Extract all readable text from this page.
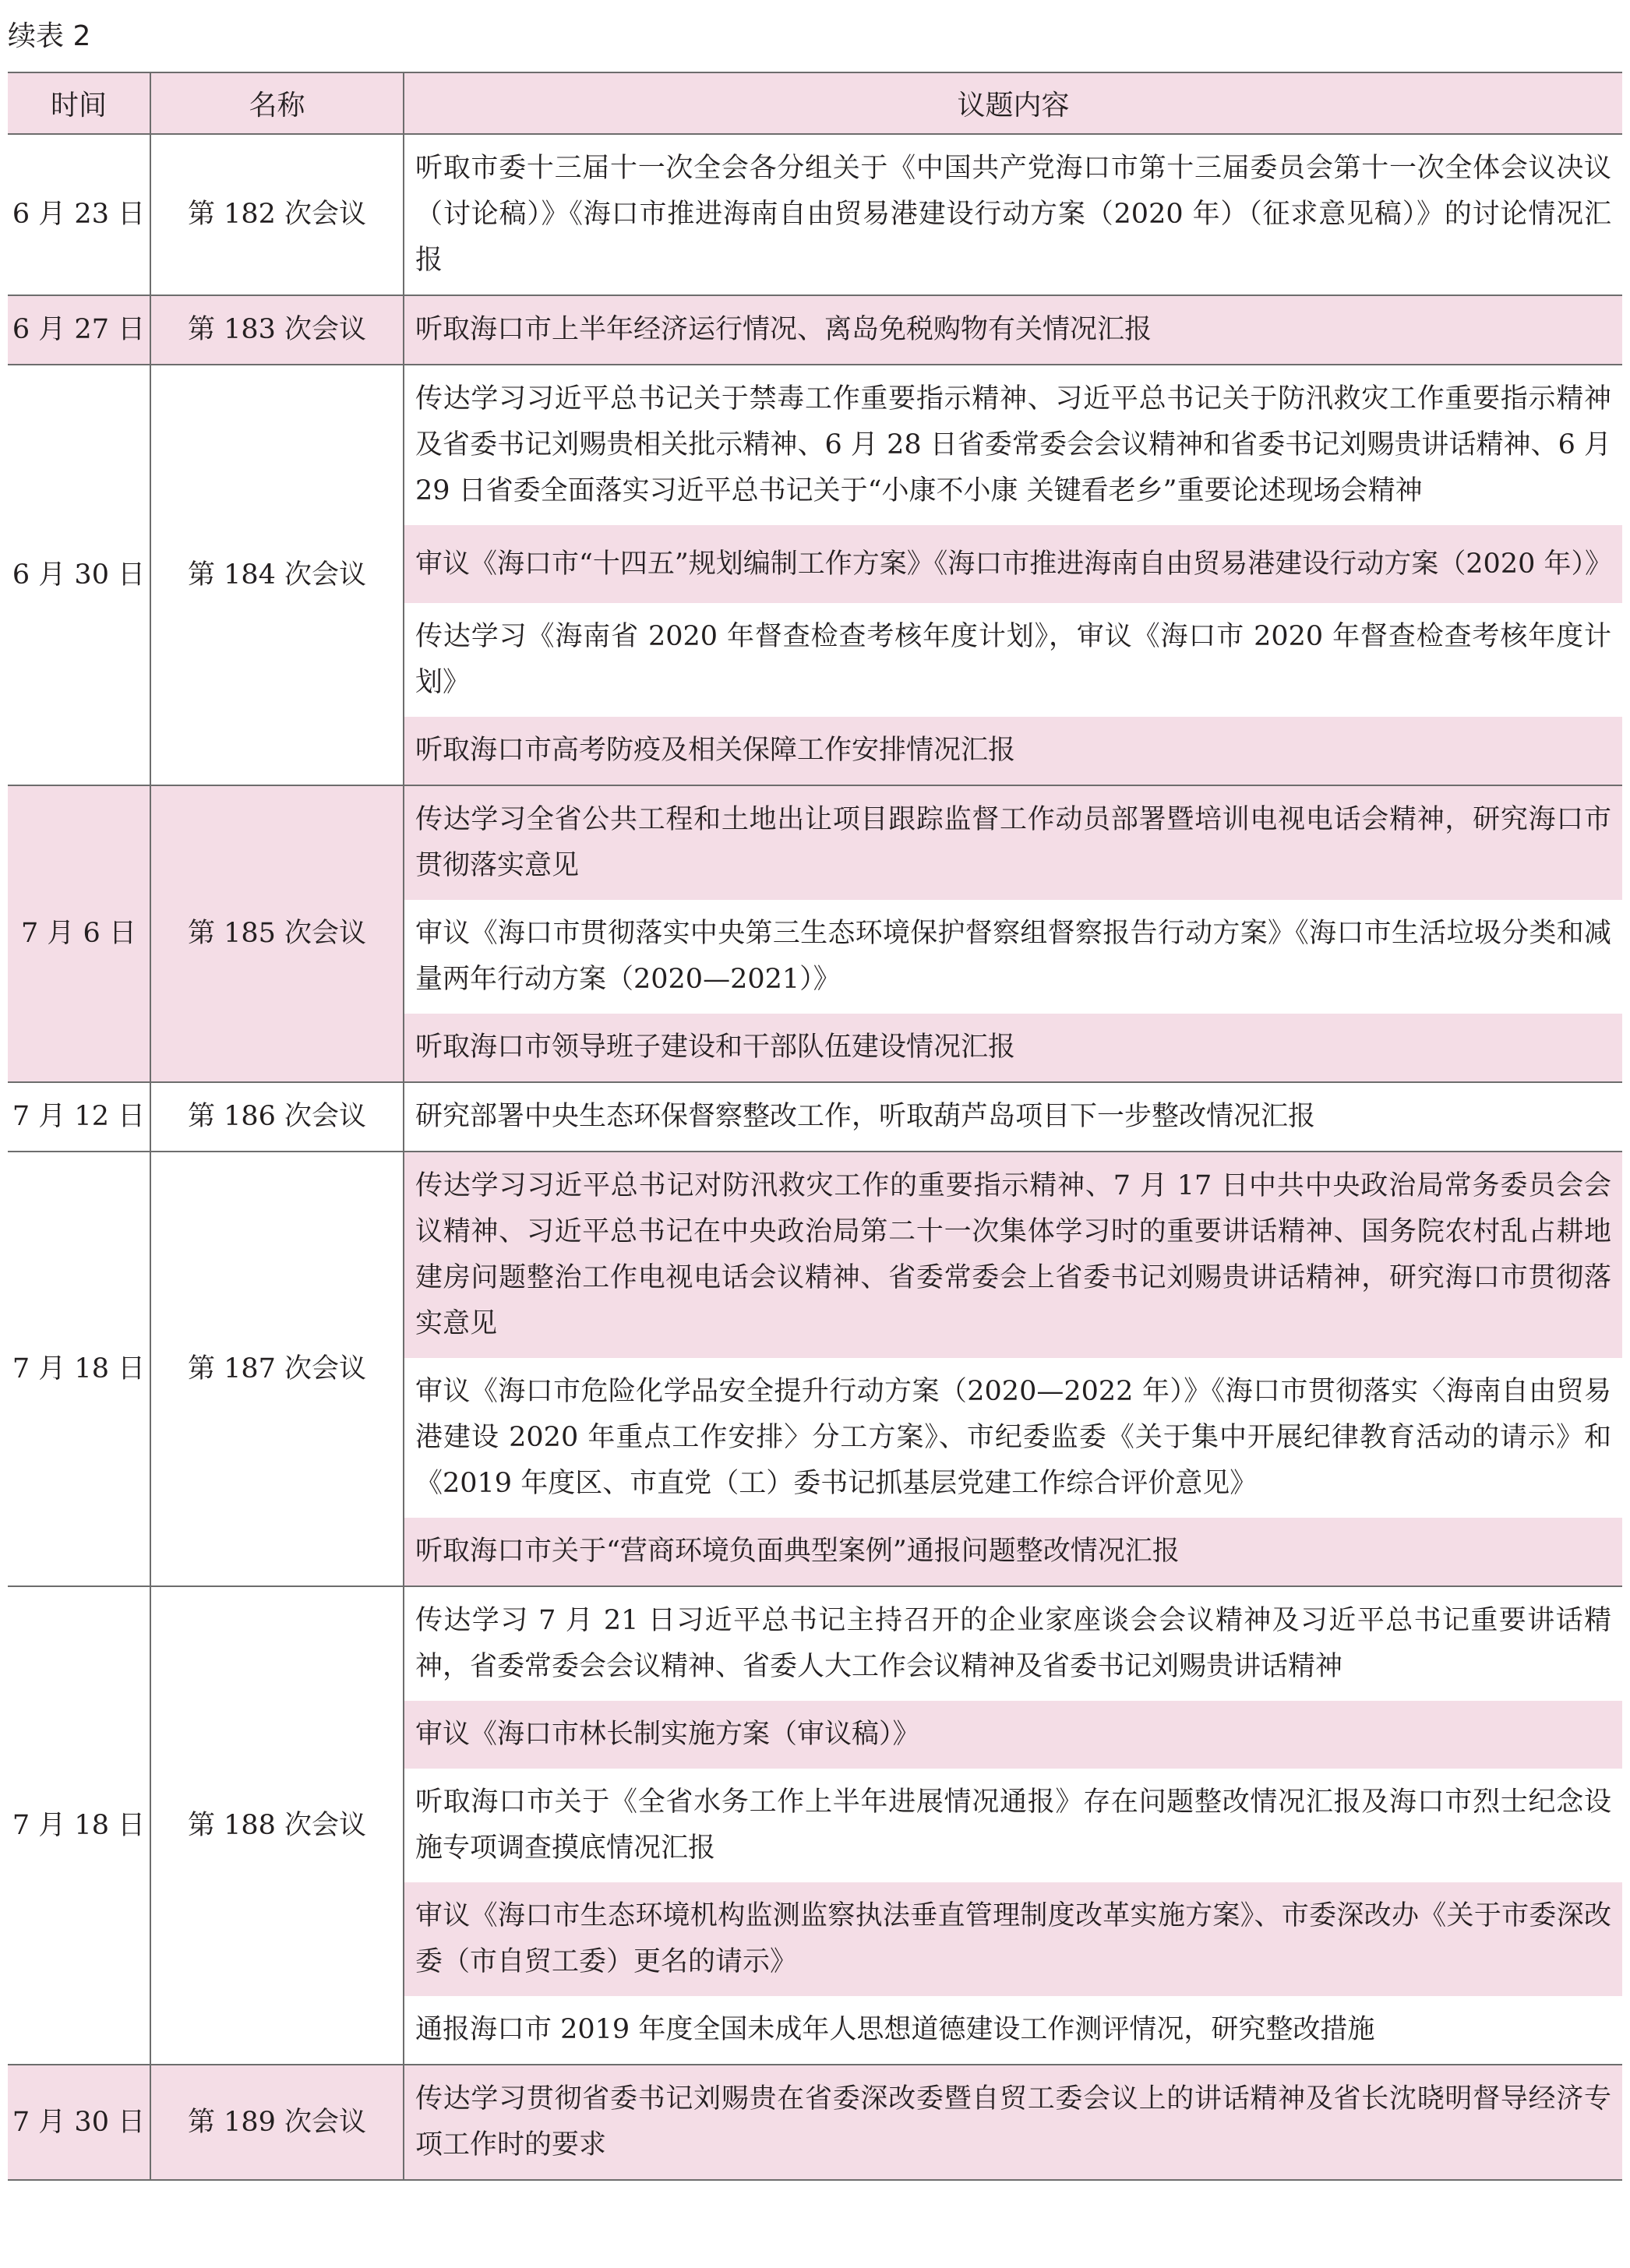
续表 2
时间	名称	议题内容
6 月 23 日	第 182 次会议	听取市委十三届十一次全会各分组关于《中国共产党海口市第十三届委员会第十一次全体会议决议（讨论稿）》《海口市推进海南自由贸易港建设行动方案（2020 年）（征求意见稿）》的讨论情况汇报
6 月 27 日	第 183 次会议	听取海口市上半年经济运行情况、离岛免税购物有关情况汇报
6 月 30 日	第 184 次会议	传达学习习近平总书记关于禁毒工作重要指示精神、习近平总书记关于防汛救灾工作重要指示精神及省委书记刘赐贵相关批示精神、6 月 28 日省委常委会会议精神和省委书记刘赐贵讲话精神、6 月 29 日省委全面落实习近平总书记关于“小康不小康 关键看老乡”重要论述现场会精神
		审议《海口市“十四五”规划编制工作方案》《海口市推进海南自由贸易港建设行动方案（2020 年）》
		传达学习《海南省 2020 年督查检查考核年度计划》，审议《海口市 2020 年督查检查考核年度计划》
		听取海口市高考防疫及相关保障工作安排情况汇报
7 月 6 日	第 185 次会议	传达学习全省公共工程和土地出让项目跟踪监督工作动员部署暨培训电视电话会精神，研究海口市贯彻落实意见
		审议《海口市贯彻落实中央第三生态环境保护督察组督察报告行动方案》《海口市生活垃圾分类和减量两年行动方案（2020—2021）》
		听取海口市领导班子建设和干部队伍建设情况汇报
7 月 12 日	第 186 次会议	研究部署中央生态环保督察整改工作，听取葫芦岛项目下一步整改情况汇报
7 月 18 日	第 187 次会议	传达学习习近平总书记对防汛救灾工作的重要指示精神、7 月 17 日中共中央政治局常务委员会会议精神、习近平总书记在中央政治局第二十一次集体学习时的重要讲话精神、国务院农村乱占耕地建房问题整治工作电视电话会议精神、省委常委会上省委书记刘赐贵讲话精神，研究海口市贯彻落实意见
		审议《海口市危险化学品安全提升行动方案（2020—2022 年）》《海口市贯彻落实〈海南自由贸易港建设 2020 年重点工作安排〉分工方案》、市纪委监委《关于集中开展纪律教育活动的请示》和《2019 年度区、市直党（工）委书记抓基层党建工作综合评价意见》
		听取海口市关于“营商环境负面典型案例”通报问题整改情况汇报
7 月 18 日	第 188 次会议	传达学习 7 月 21 日习近平总书记主持召开的企业家座谈会会议精神及习近平总书记重要讲话精神，省委常委会会议精神、省委人大工作会议精神及省委书记刘赐贵讲话精神
		审议《海口市林长制实施方案（审议稿）》
		听取海口市关于《全省水务工作上半年进展情况通报》存在问题整改情况汇报及海口市烈士纪念设施专项调查摸底情况汇报
		审议《海口市生态环境机构监测监察执法垂直管理制度改革实施方案》、市委深改办《关于市委深改委（市自贸工委）更名的请示》
		通报海口市 2019 年度全国未成年人思想道德建设工作测评情况，研究整改措施
7 月 30 日	第 189 次会议	传达学习贯彻省委书记刘赐贵在省委深改委暨自贸工委会议上的讲话精神及省长沈晓明督导经济专项工作时的要求
